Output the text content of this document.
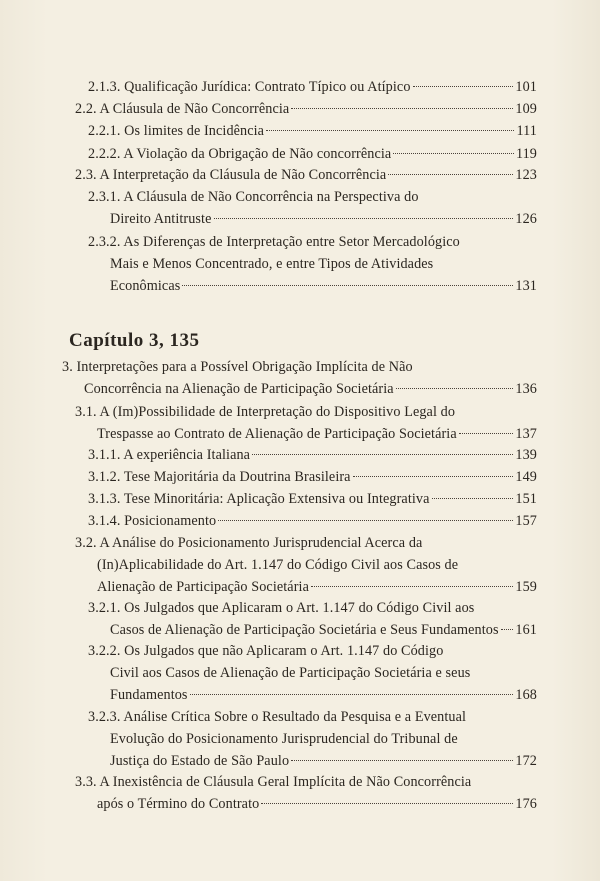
2.1.3. Qualificação Jurídica: Contrato Típico ou Atípico	101
2.2. A Cláusula de Não Concorrência	109
2.2.1. Os limites de Incidência	111
2.2.2. A Violação da Obrigação de Não concorrência	119
2.3. A Interpretação da Cláusula de Não Concorrência	123
2.3.1. A Cláusula de Não Concorrência na Perspectiva do
Direito Antitruste	126
2.3.2. As Diferenças de Interpretação entre Setor Mercadológico
Mais e Menos Concentrado, e entre Tipos de Atividades
Econômicas	131
Capítulo 3, 135
3. Interpretações para a Possível Obrigação Implícita de Não
Concorrência na Alienação de Participação Societária	136
3.1. A (Im)Possibilidade de Interpretação do Dispositivo Legal do
Trespasse ao Contrato de Alienação de Participação Societária	137
3.1.1. A experiência Italiana	139
3.1.2. Tese Majoritária da Doutrina Brasileira	149
3.1.3. Tese Minoritária: Aplicação Extensiva ou Integrativa	151
3.1.4. Posicionamento	157
3.2. A Análise do Posicionamento Jurisprudencial Acerca da
(In)Aplicabilidade do Art. 1.147 do Código Civil aos Casos de
Alienação de Participação Societária	159
3.2.1. Os Julgados que Aplicaram o Art. 1.147 do Código Civil aos
Casos de Alienação de Participação Societária e Seus Fundamentos 161
3.2.2. Os Julgados que não Aplicaram o Art. 1.147 do Código
Civil aos Casos de Alienação de Participação Societária e seus
Fundamentos	168
3.2.3. Análise Crítica Sobre o Resultado da Pesquisa e a Eventual
Evolução do Posicionamento Jurisprudencial do Tribunal de
Justiça do Estado de São Paulo	172
3.3. A Inexistência de Cláusula Geral Implícita de Não Concorrência
após o Término do Contrato	176
